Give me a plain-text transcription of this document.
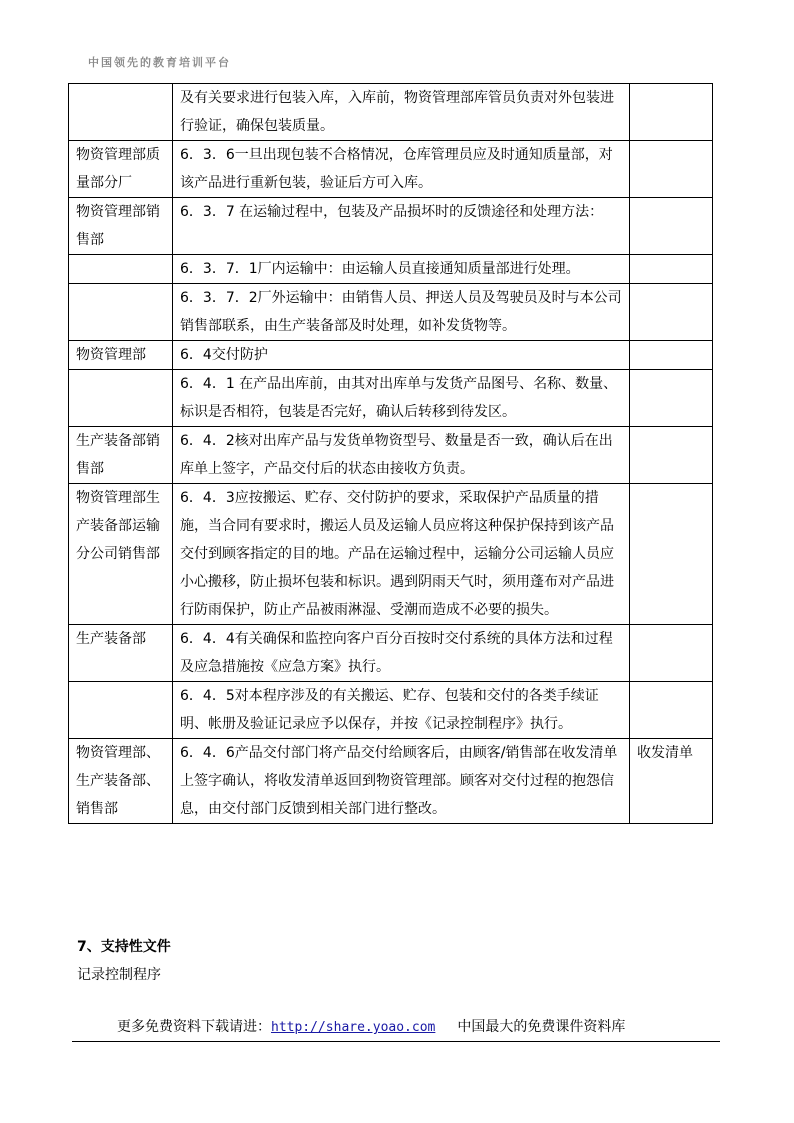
中国领先的教育培训平台
	及有关要求进行包装入库，入库前，物资管理部库管员负责对外包装进行验证，确保包装质量。	
物资管理部质量部分厂	6．3．6一旦出现包装不合格情况，仓库管理员应及时通知质量部，对该产品进行重新包装，验证后方可入库。	
物资管理部销售部	6．3．7 在运输过程中，包装及产品损坏时的反馈途径和处理方法：	
	6．3．7．1厂内运输中：由运输人员直接通知质量部进行处理。	
	6．3．7．2厂外运输中：由销售人员、押送人员及驾驶员及时与本公司销售部联系，由生产装备部及时处理，如补发货物等。	
物资管理部	6．4交付防护	
	6．4．1 在产品出库前，由其对出库单与发货产品图号、名称、数量、标识是否相符，包装是否完好，确认后转移到待发区。	
生产装备部销售部	6．4．2核对出库产品与发货单物资型号、数量是否一致，确认后在出库单上签字，产品交付后的状态由接收方负责。	
物资管理部生产装备部运输分公司销售部	6．4．3应按搬运、贮存、交付防护的要求，采取保护产品质量的措施，当合同有要求时，搬运人员及运输人员应将这种保护保持到该产品交付到顾客指定的目的地。产品在运输过程中，运输分公司运输人员应小心搬移，防止损坏包装和标识。遇到阴雨天气时，须用蓬布对产品进行防雨保护，防止产品被雨淋湿、受潮而造成不必要的损失。	
生产装备部	6．4．4有关确保和监控向客户百分百按时交付系统的具体方法和过程及应急措施按《应急方案》执行。	
	6．4．5对本程序涉及的有关搬运、贮存、包装和交付的各类手续证明、帐册及验证记录应予以保存，并按《记录控制程序》执行。	
物资管理部、生产装备部、销售部	6．4．6产品交付部门将产品交付给顾客后，由顾客/销售部在收发清单上签字确认，将收发清单返回到物资管理部。顾客对交付过程的抱怨信息，由交付部门反馈到相关部门进行整改。	收发清单
7、支持性文件
记录控制程序
更多免费资料下载请进：http://share.yoao.com 中国最大的免费课件资料库
